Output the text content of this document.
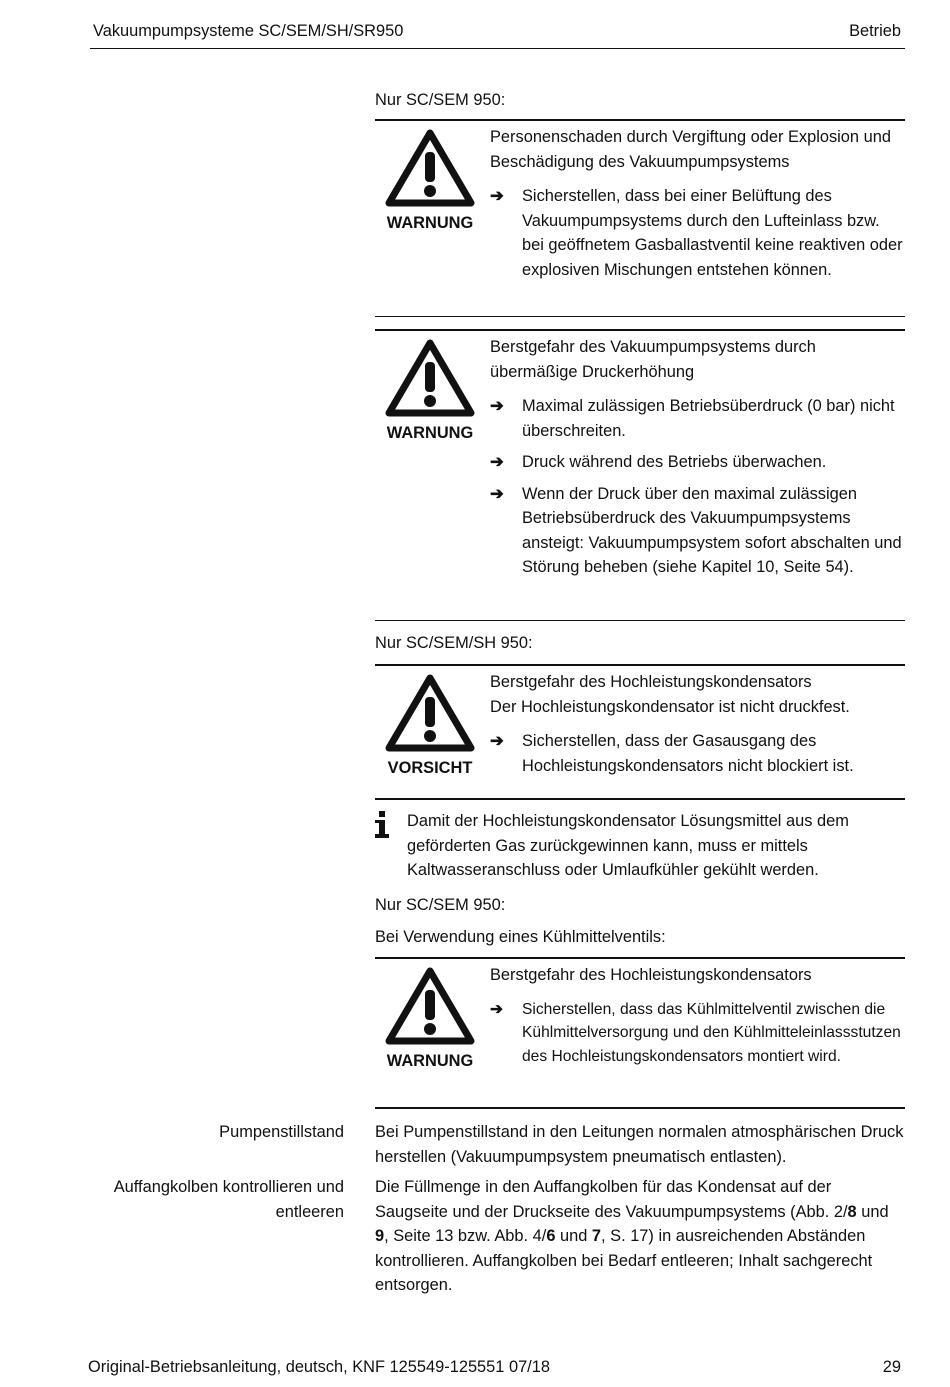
Vakuumpumpsysteme SC/SEM/SH/SR950	Betrieb
Nur SC/SEM 950:
WARNUNG
Personenschaden durch Vergiftung oder Explosion und Beschädigung des Vakuumpumpsystems
➔ Sicherstellen, dass bei einer Belüftung des Vakuumpumpsystems durch den Lufteinlass bzw. bei geöffnetem Gasballastventil keine reaktiven oder explosiven Mischungen entstehen können.
WARNUNG
Berstgefahr des Vakuumpumpsystems durch übermäßige Druckerhöhung
➔ Maximal zulässigen Betriebsüberdruck (0 bar) nicht überschreiten.
➔ Druck während des Betriebs überwachen.
➔ Wenn der Druck über den maximal zulässigen Betriebsüberdruck des Vakuumpumpsystems ansteigt: Vakuumpumpsystem sofort abschalten und Störung beheben (siehe Kapitel 10, Seite 54).
Nur SC/SEM/SH 950:
VORSICHT
Berstgefahr des Hochleistungskondensators
Der Hochleistungskondensator ist nicht druckfest.
➔ Sicherstellen, dass der Gasausgang des Hochleistungskondensators nicht blockiert ist.
Damit der Hochleistungskondensator Lösungsmittel aus dem geförderten Gas zurückgewinnen kann, muss er mittels Kaltwasseranschluss oder Umlaufkühler gekühlt werden.
Nur SC/SEM 950:
Bei Verwendung eines Kühlmittelventils:
WARNUNG
Berstgefahr des Hochleistungskondensators
➔ Sicherstellen, dass das Kühlmittelventil zwischen die Kühlmittelversorgung und den Kühlmitteleinlassstutzen des Hochleistungskondensators montiert wird.
Pumpenstillstand Bei Pumpenstillstand in den Leitungen normalen atmosphärischen Druck herstellen (Vakuumpumpsystem pneumatisch entlasten).
Auffangkolben kontrollieren und
entleeren
Die Füllmenge in den Auffangkolben für das Kondensat auf der Saugseite und der Druckseite des Vakuumpumpsystems (Abb. 2/8 und 9, Seite 13 bzw. Abb. 4/6 und 7, S. 17) in ausreichenden Abständen kontrollieren. Auffangkolben bei Bedarf entleeren; Inhalt sachgerecht entsorgen.
Original-Betriebsanleitung, deutsch, KNF 125549-125551 07/18	29
